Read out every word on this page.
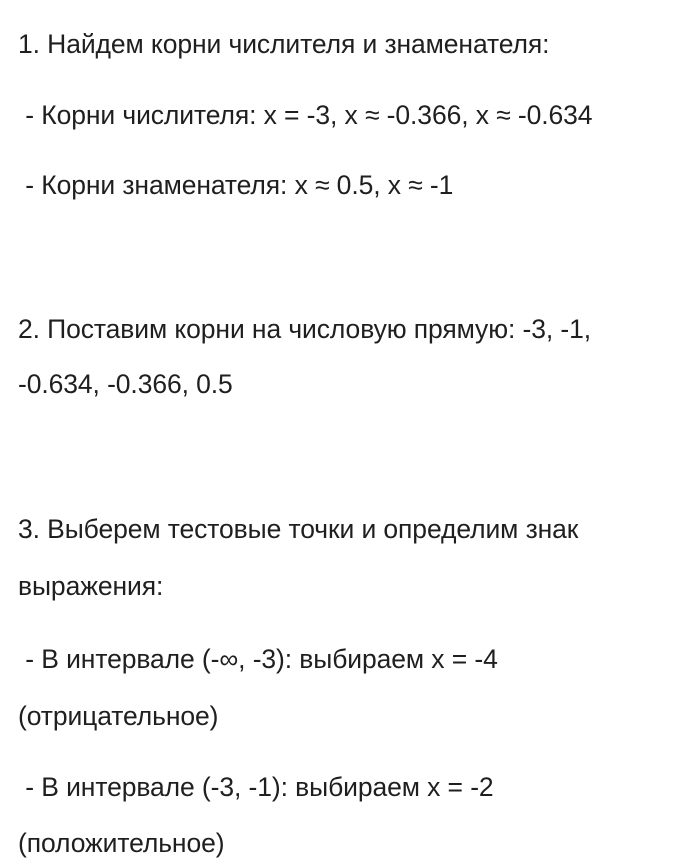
1. Найдем корни числителя и знаменателя:
- Корни числителя: x = -3, x ≈ -0.366, x ≈ -0.634
- Корни знаменателя: x ≈ 0.5, x ≈ -1
2. Поставим корни на числовую прямую: -3, -1,
-0.634, -0.366, 0.5
3. Выберем тестовые точки и определим знак
выражения:
- В интервале (-∞, -3): выбираем x = -4
(отрицательное)
- В интервале (-3, -1): выбираем x = -2
(положительное)
